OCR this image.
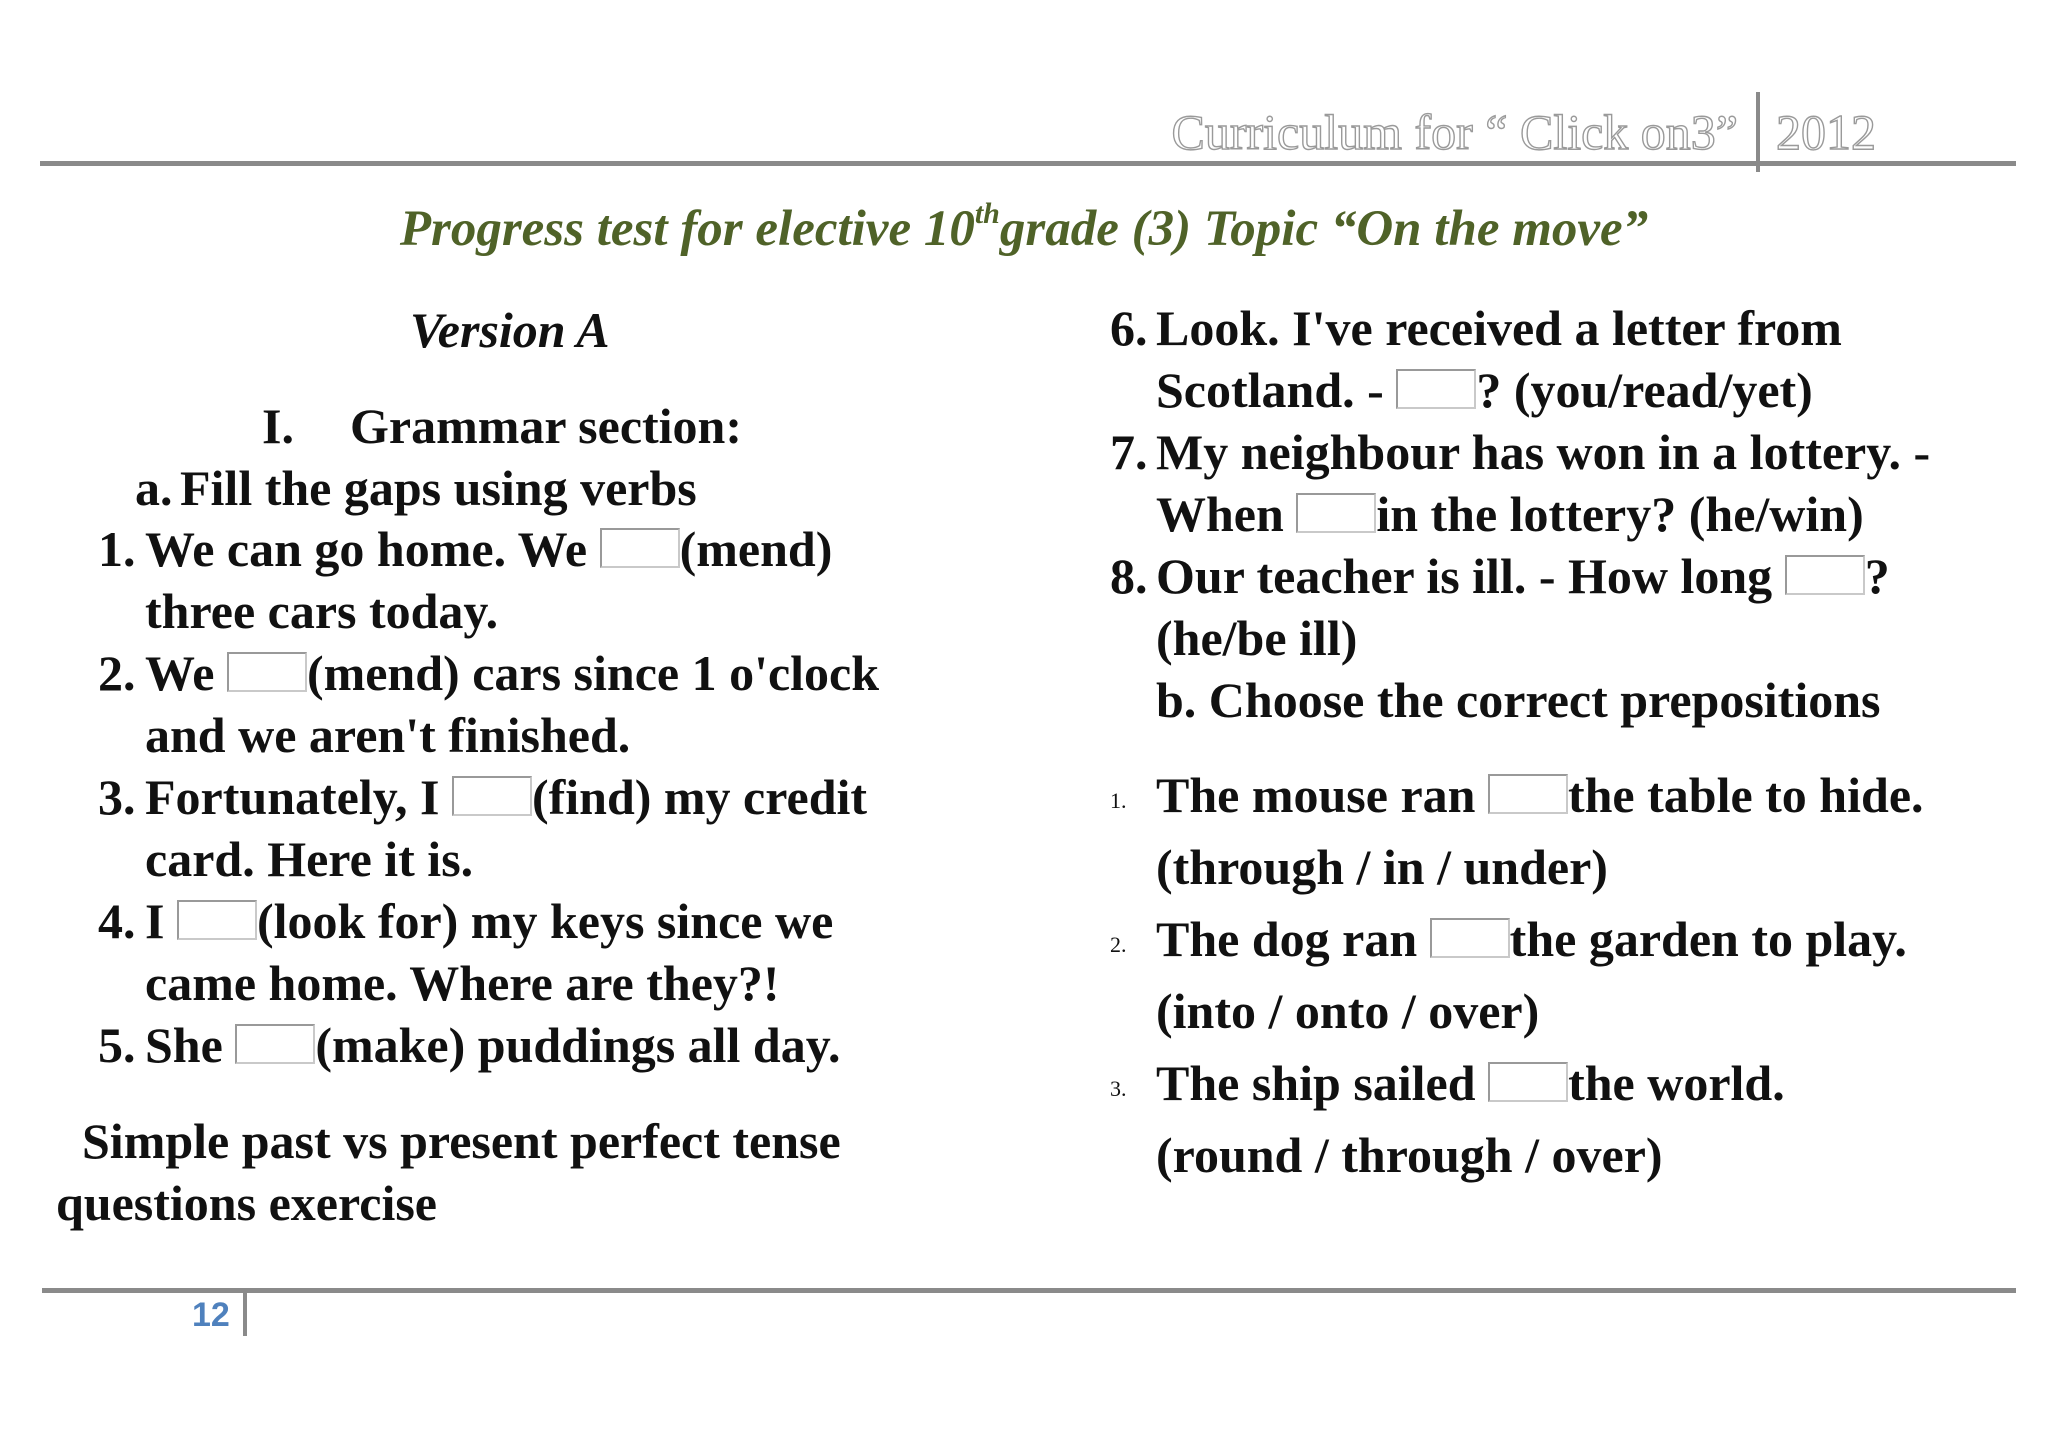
Curriculum for “ Click on3” 2012
Progress test for elective 10thgrade (3) Topic “On the move”
Version A
I. Grammar section:
a. Fill the gaps using verbs
1. We can go home. We (mend)
three cars today.
2. We (mend) cars since 1 o'clock
and we aren't finished.
3. Fortunately, I (find) my credit
card. Here it is.
4. I (look for) my keys since we
came home. Where are they?!
5. She (make) puddings all day.
Simple past vs present perfect tense
questions exercise
6. Look. I've received a letter from
Scotland. - ? (you/read/yet)
7. My neighbour has won in a lottery. -
When in the lottery? (he/win)
8. Our teacher is ill. - How long ?
(he/be ill)
b. Choose the correct prepositions
1. The mouse ran the table to hide.
(through / in / under)
2. The dog ran the garden to play.
(into / onto / over)
3. The ship sailed the world.
(round / through / over)
12
